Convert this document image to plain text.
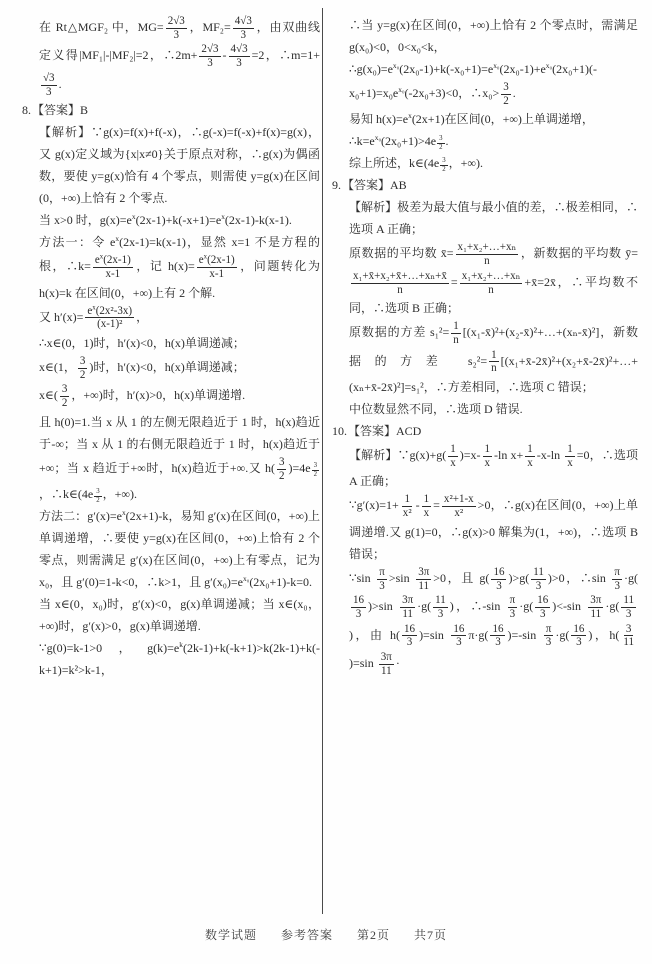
在 Rt△MGF₂ 中，$MG= \frac{2√3}{3}$ ，$MF_2= \frac{4√3}{3}$ ，由双曲线定义得|MF₁|-|MF₂|=2，∴2m+ $\frac{2√3}{3} - \frac{4√3}{3} =2$，∴m=1+
$\frac{√3}{3}$ .
8.【答案】B
【解析】∵g(x)=f(x)+f(-x)，∴g(-x)=f(-x)+f(x)=g(x)，又 g(x)定义域为{x|x≠0}关于原点对称，∴g(x)为偶函数，要使 y=g(x)恰有 4 个零点，则需使 y=g(x)在区间(0，+∞)上恰有 2 个零点.
当 x>0 时，$g(x)=e^x(2x-1)+k(-x+1)=e^x(2x-1)-k(x-1)$.
方法一：令 $e^x(2x-1)=k(x-1)$，显然 x=1 不是方程的根，∴k= $\frac{e^x(2x-1)}{x-1}$ ，记 $h(x)= \frac{e^x(2x-1)}{x-1}$ ，问题转化为 h(x)=k 在区间(0，+∞)上有 2 个解.
又 $h'(x)= \frac{e^x(2x^2-3x)}{\text{(x-1)²}}$ ，
∴x∈(0，1)时，h′(x)<0，h(x)单调递减；
x∈(1， $\frac{3}{2}$ )时，h′(x)<0，h(x)单调递减；
x∈( $\frac{3}{2}$ ，+∞)时，h′(x)>0，h(x)单调递增.
且 h(0)=1.当 x 从 1 的左侧无限趋近于 1 时，h(x)趋近于-∞；当 x 从 1 的右侧无限趋近于 1 时，h(x)趋近于+∞；当 x 趋近于+∞时，h(x)趋近于+∞.又 $h( \frac{3}{2} )=4e$ $^{\frac{3}{2}}$
，∴k∈(4e $^{\frac{3}{2}}$ ，+∞).
方法二：$g'(x)=e^x(2x+1)-k$，易知 g′(x)在区间(0，+∞)上单调递增，∴要使 y=g(x)在区间(0，+∞)上恰有 2 个零点，则需满足 g′(x)在区间(0，+∞)上有零点，记为 x₀，且 g′(0)=1-k<0，∴k>1，且 $g'(x_0)=e^{x_0}(2x_0+1)-k=0$.
当 x∈(0，x₀)时，g′(x)<0，g(x)单调递减；当 x∈(x₀，+∞)时，g′(x)>0，g(x)单调递增.
∵g(0)=k-1>0，$g(k)=e^k(2k-1)+k(-k+1)>k(2k-1)+k(-k+1)=k^2>k-1$，
∴当 y=g(x)在区间(0，+∞)上恰有 2 个零点时，需满足 g(x₀)<0，0<x₀<k，
$\therefore g(x_0)=e^{x_0}(2x_0-1)+k(-x_0+1)=e^{x_0}(2x_0-1)+e^{x_0}(2x_0+1)(-x_0+1)=x_0e^{x_0}(-2x_0+3)<0$，∴x₀> $\frac{3}{2}$ .
易知 $h(x)=e^x(2x+1)$在区间(0，+∞)上单调递增，
$\therefore k=e^{x_0}(2x_0+1)>4e$ $^{\frac{3}{2}}$ .
综上所述，k∈(4e $^{\frac{3}{2}}$ ，+∞).
9.【答案】AB
【解析】极差为最大值与最小值的差，∴极差相同，∴选项 A 正确；
原数据的平均数 x̄= $\frac{\text{x₁+x₂+…+xₙ}}{n}$ ，新数据的平均数 ȳ=
$\frac{\text{x₁+x̄+x₂+x̄+…+xₙ+x̄}}{n} = \frac{\text{x₁+x₂+…+xₙ}}{n}$ +x̄=2x̄，∴平均数不同，∴选项 B 正确；
原数据的方差 $s_1^2= \frac{1}{n}$ [(x₁-x̄)²+(x₂-x̄)²+…+(xₙ-x̄)²]，新数据的方差 $s_2^2= \frac{1}{n}$ [(x₁+x̄-2x̄)²+(x₂+x̄-2x̄)²+…+(xₙ+x̄-2x̄)²]=s₁²，∴方差相同，∴选项 C 错误；
中位数显然不同，∴选项 D 错误.
10.【答案】ACD
【解析】∵g(x)+g( $\frac{1}{x} )=x- \frac{1}{x} -\ln$ $x+ \frac{1}{x} -x-\ln \frac{1}{x} =0$，∴选项 A 正确；
∵g′(x)=1+ $\frac{1}{\text{x²}} - \frac{1}{x} = \frac{\text{x²+1-x}}{\text{x²}} >0$，∴g(x)在区间(0，+∞)上单调递增.又 g(1)=0，∴g(x)>0 解集为(1，+∞)，∴选项 B 错误；
∵sin $\frac{\pi}{3} >\sin \frac{3\pi}{11} >0$，且 $g( \frac{16}{3} )>g( \frac{11}{3} )>0$，∴sin $\frac{\pi}{3} \cdot g$(
$\frac{16}{3} )>\sin \frac{3\pi}{11} \cdot g( \frac{11}{3}$ )，∴-sin $\frac{\pi}{3} \cdot g( \frac{16}{3} )<-\sin \frac{3\pi}{11} \cdot g( \frac{11}{3}$
)，由 $h( \frac{16}{3} )=\sin \frac{16}{3} \pi\cdot g( \frac{16}{3} )=-\sin \frac{\pi}{3} \cdot g( \frac{16}{3}$ )，$h( \frac{3}{11}$
)$=\sin \frac{3\pi}{11}$ ·
数学试题 参考答案 第2页 共7页
